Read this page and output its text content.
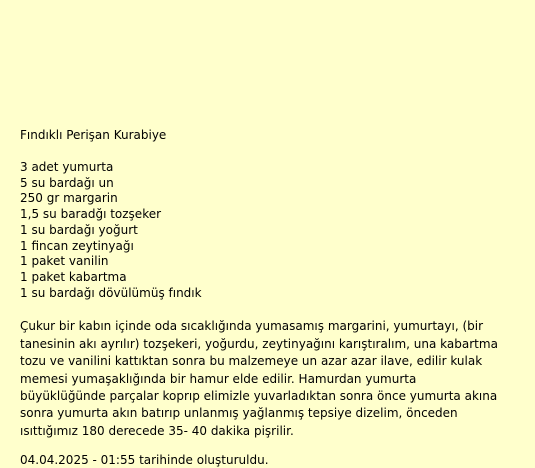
Fındıklı Perişan Kurabiye
3 adet yumurta
5 su bardağı un
250 gr margarin
1,5 su baradğı tozşeker
1 su bardağı yoğurt
1 fincan zeytinyağı
1 paket vanilin
1 paket kabartma
1 su bardağı dövülümüş fındık

Çukur bir kabın içinde oda sıcaklığında yumasamış margarini, yumurtayı, (bir tanesinin akı ayrılır) tozşekeri, yoğurdu, zeytinyağını karıştıralım, una kabartma tozu ve vanilini kattıktan sonra bu malzemeye un azar azar ilave, edilir kulak memesi yumaşaklığında bir hamur elde edilir. Hamurdan yumurta büyüklüğünde parçalar koprıp elimizle yuvarladıktan sonra önce yumurta akına sonra yumurta akın batırıp unlanmış yağlanmış tepsiye dizelim, önceden ısıttığımız 180 derecede 35- 40 dakika pişrilir.

04.04.2025 - 01:55 tarihinde oluşturuldu.
